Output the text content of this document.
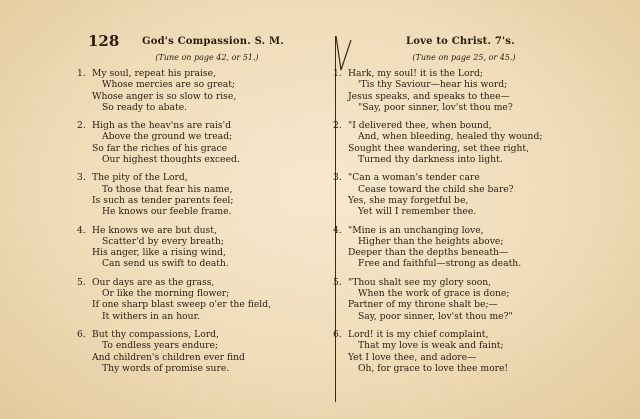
128 God's Compassion. S. M.
(Tune on page 42, or 51.)
1. My soul, repeat his praise,
Whose mercies are so great;
Whose anger is so slow to rise,
So ready to abate.
2. High as the heav'ns are rais'd
Above the ground we tread;
So far the riches of his grace
Our highest thoughts exceed.
3. The pity of the Lord,
To those that fear his name,
Is such as tender parents feel;
He knows our feeble frame.
4. He knows we are but dust,
Scatter'd by every breath;
His anger, like a rising wind,
Can send us swift to death.
5. Our days are as the grass,
Or like the morning flower;
If one sharp blast sweep o'er the field,
It withers in an hour.
6. But thy compassions, Lord,
To endless years endure;
And children's children ever find
Thy words of promise sure.
Love to Christ. 7's.
(Tune on page 25, or 45.)
1. Hark, my soul! it is the Lord;
'Tis thy Saviour—hear his word;
Jesus speaks, and speaks to thee—
"Say, poor sinner, lov'st thou me?
2. "I delivered thee, when bound,
And, when bleeding, healed thy wound;
Sought thee wandering, set thee right,
Turned thy darkness into light.
3. "Can a woman's tender care
Cease toward the child she bare?
Yes, she may forgetful be,
Yet will I remember thee.
4. "Mine is an unchanging love,
Higher than the heights above;
Deeper than the depths beneath—
Free and faithful—strong as death.
5. "Thou shalt see my glory soon,
When the work of grace is done;
Partner of my throne shalt be;—
Say, poor sinner, lov'st thou me?"
6. Lord! it is my chief complaint,
That my love is weak and faint;
Yet I love thee, and adore—
Oh, for grace to love thee more!
